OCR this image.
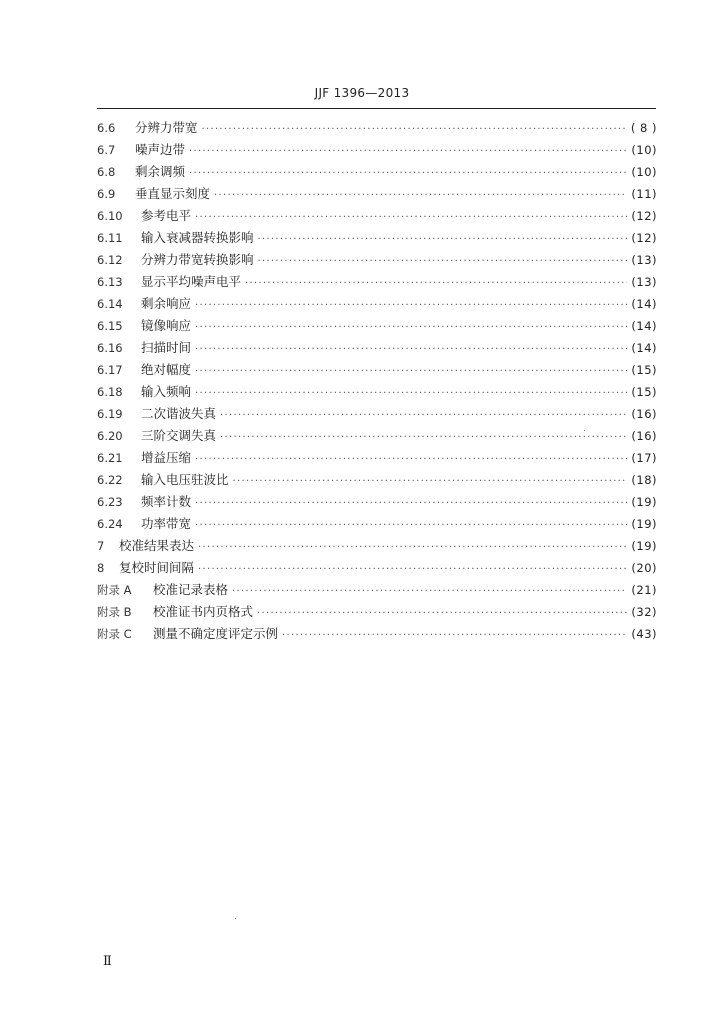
JJF 1396—2013
6.6	分辨力带宽 ·····	( 8 )
6.7	噪声边带 ·····	(10)
6.8	剩余调频 ·····	(10)
6.9	垂直显示刻度 ·····	(11)
6.10	参考电平 ·····	(12)
6.11	输入衰减器转换影响 ·····	(12)
6.12	分辨力带宽转换影响 ·····	(13)
6.13	显示平均噪声电平 ·····	(13)
6.14	剩余响应 ·····	(14)
6.15	镜像响应 ·····	(14)
6.16	扫描时间 ·····	(14)
6.17	绝对幅度 ·····	(15)
6.18	输入频响 ·····	(15)
6.19	二次谐波失真 ·····	(16)
6.20	三阶交调失真 ·····	(16)
6.21	增益压缩 ·····	(17)
6.22	输入电压驻波比 ·····	(18)
6.23	频率计数 ·····	(19)
6.24	功率带宽 ·····	(19)
7	校准结果表达 ·····	(19)
8	复校时间间隔 ·····	(20)
附录 A	校准记录表格 ·····	(21)
附录 B	校准证书内页格式 ·····	(32)
附录 C	测量不确定度评定示例 ·····	(43)
Ⅱ
